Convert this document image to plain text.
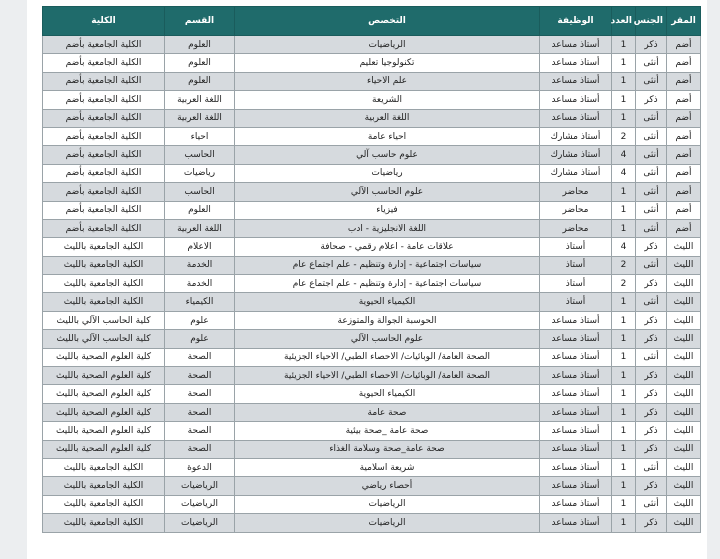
المقر	الجنس	العدد	الوظيفة	التخصص	القسم	الكلية
أضم	ذكر	1	أستاذ مساعد	الرياضيات	العلوم	الكلية الجامعية بأضم
أضم	أنثى	1	أستاذ مساعد	تكنولوجيا تعليم	العلوم	الكلية الجامعية بأضم
أضم	أنثى	1	أستاذ مساعد	علم الاحياء	العلوم	الكلية الجامعية بأضم
أضم	ذكر	1	أستاذ مساعد	الشريعة	اللغة العربية	الكلية الجامعية بأضم
أضم	أنثى	1	أستاذ مساعد	اللغة العربية	اللغة العربية	الكلية الجامعية بأضم
أضم	أنثى	2	أستاذ مشارك	احياء عامة	احياء	الكلية الجامعية بأضم
أضم	أنثى	4	أستاذ مشارك	علوم حاسب آلي	الحاسب	الكلية الجامعية بأضم
أضم	أنثى	4	أستاذ مشارك	رياضيات	رياضيات	الكلية الجامعية بأضم
أضم	أنثى	1	محاضر	علوم الحاسب الآلي	الحاسب	الكلية الجامعية بأضم
أضم	أنثى	1	محاضر	فيزياء	العلوم	الكلية الجامعية بأضم
أضم	أنثى	1	محاضر	اللغة الانجليزية - ادب	اللغة العربية	الكلية الجامعية بأضم
الليث	ذكر	4	أستاذ	علاقات عامة - اعلام رقمي - صحافة	الاعلام	الكلية الجامعية بالليث
الليث	أنثى	2	أستاذ	سياسات اجتماعية - إدارة وتنظيم - علم اجتماع عام	الخدمة	الكلية الجامعية بالليث
الليث	ذكر	2	أستاذ	سياسات اجتماعية - إدارة وتنظيم - علم اجتماع عام	الخدمة	الكلية الجامعية بالليث
الليث	أنثى	1	أستاذ	الكيمياء الحيوية	الكيمياء	الكلية الجامعية بالليث
الليث	ذكر	1	أستاذ مساعد	الحوسبة الجوالة والمتوزعة	علوم	كلية الحاسب الآلي بالليث
الليث	ذكر	1	أستاذ مساعد	علوم الحاسب الآلي	علوم	كلية الحاسب الآلي بالليث
الليث	أنثى	1	أستاذ مساعد	الصحة العامة/ الوبائيات/ الاحصاء الطبي/ الاحياء الجزيئية	الصحة	كلية العلوم الصحية بالليث
الليث	ذكر	1	أستاذ مساعد	الصحة العامة/ الوبائيات/ الاحصاء الطبي/ الاحياء الجزيئية	الصحة	كلية العلوم الصحية بالليث
الليث	ذكر	1	أستاذ مساعد	الكيمياء الحيوية	الصحة	كلية العلوم الصحية بالليث
الليث	ذكر	1	أستاذ مساعد	صحة عامة	الصحة	كلية العلوم الصحية بالليث
الليث	ذكر	1	أستاذ مساعد	صحة عامة _صحة بيئية	الصحة	كلية العلوم الصحية بالليث
الليث	ذكر	1	أستاذ مساعد	صحة عامة_صحة وسلامة الغذاء	الصحة	كلية العلوم الصحية بالليث
الليث	أنثى	1	أستاذ مساعد	شريعة اسلامية	الدعوة	الكلية الجامعية بالليث
الليث	ذكر	1	أستاذ مساعد	أحصاء رياضي	الرياضيات	الكلية الجامعية بالليث
الليث	أنثى	1	أستاذ مساعد	الرياضيات	الرياضيات	الكلية الجامعية بالليث
الليث	ذكر	1	أستاذ مساعد	الرياضيات	الرياضيات	الكلية الجامعية بالليث
